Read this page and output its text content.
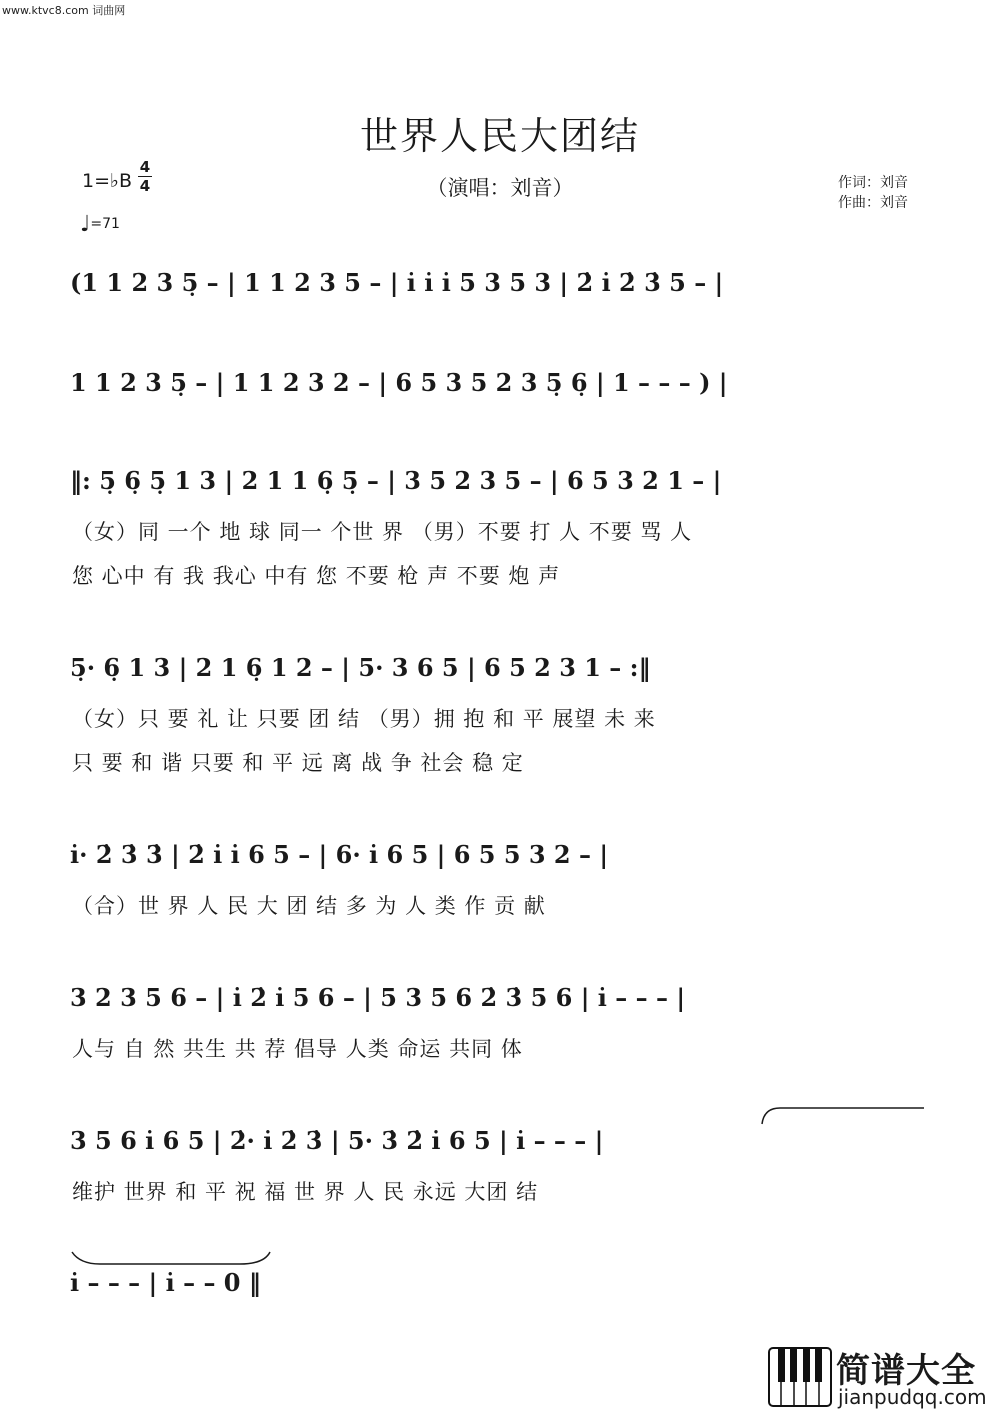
www.ktvc8.com 词曲网
世界人民大团结
（演唱：刘音）
1=♭B $\frac{4}{4}$
♩=71
作词：刘音
作曲：刘音
(1 1 2 3 5̣ – | 1 1 2 3 5 – | i̇ i̇ i̇ 5 3 5 3 | 2̇ i̇ 2̇ 3̇ 5 – |
1 1 2 3 5̣ – | 1 1 2 3 2 – | 6 5 3 5 2 3 5̣ 6̣ | 1 – – – ) |
‖: 5̣ 6̣ 5̣ 1 3 | 2 1 1 6̣ 5̣ – | 3 5 2 3 5 – | 6 5 3 2 1 – |
（女）同 一个 地 球 同一 个世 界 （男）不要 打 人 不要 骂 人
您 心中 有 我 我心 中有 您 不要 枪 声 不要 炮 声
5̣· 6̣ 1 3 | 2 1 6̣ 1 2 – | 5· 3 6 5 | 6 5 2 3 1 – :‖
（女）只 要 礼 让 只要 团 结 （男）拥 抱 和 平 展望 未 来
只 要 和 谐 只要 和 平 远 离 战 争 社会 稳 定
i̇· 2̇ 3̇ 3̇ | 2̇ i̇ i̇ 6 5 – | 6· i̇ 6 5 | 6 5 5 3 2 – |
（合）世 界 人 民 大 团 结 多 为 人 类 作 贡 献
3 2 3 5 6 – | i̇ 2̇ i̇ 5 6 – | 5 3 5 6 2̇ 3̇ 5 6 | i̇ – – – |
人与 自 然 共生 共 荐 倡导 人类 命运 共同 体
3 5 6 i̇ 6 5 | 2̇· i̇ 2̇ 3̇ | 5· 3̇ 2̇ i̇ 6 5 | i̇ – – – |
维护 世界 和 平 祝 福 世 界 人 民 永远 大团 结
i̇ – – – | i̇ – – 0 ‖
简谱大全
jianpudqq.com
